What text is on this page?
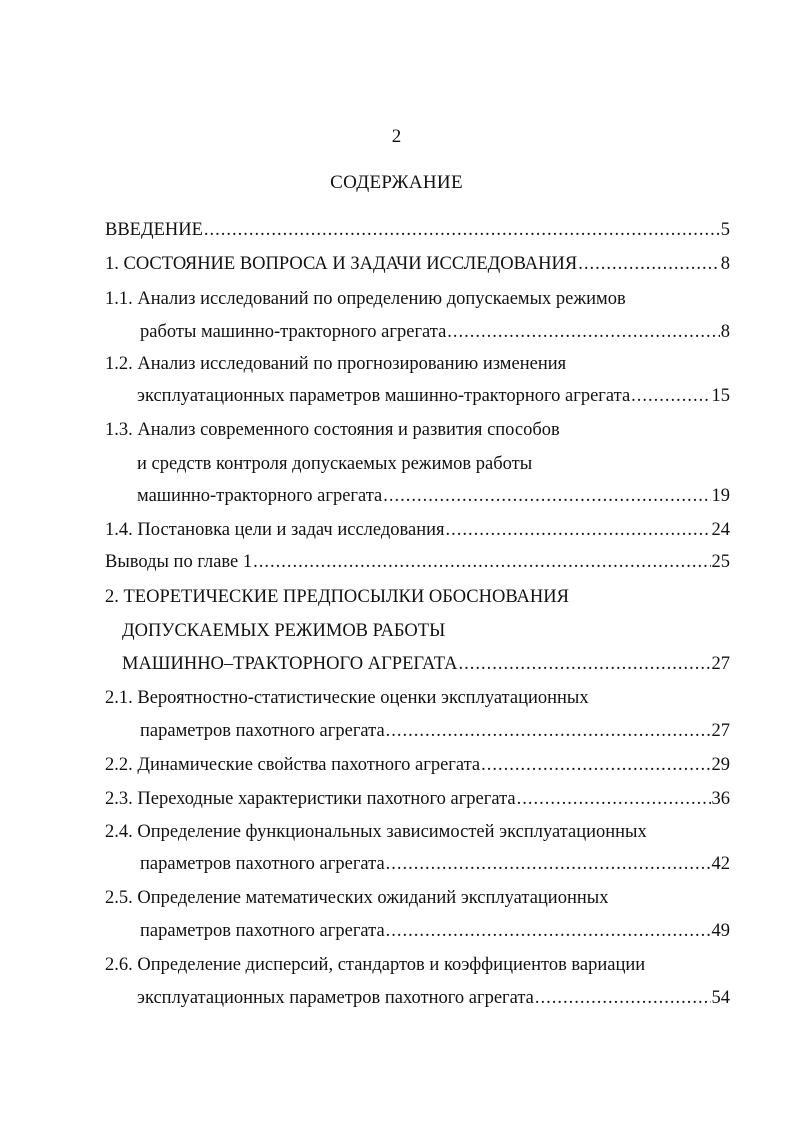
2
СОДЕРЖАНИЕ
ВВЕДЕНИЕ .....	5
1. СОСТОЯНИЕ ВОПРОСА И ЗАДАЧИ ИССЛЕДОВАНИЯ .....	8
1.1. Анализ исследований по определению допускаемых режимов
работы машинно-тракторного агрегата .....	8
1.2. Анализ исследований по прогнозированию изменения
эксплуатационных параметров машинно-тракторного агрегата .....	15
1.3. Анализ современного состояния и развития способов
и средств контроля допускаемых режимов работы
машинно-тракторного агрегата .....	19
1.4. Постановка цели и задач исследования .....	24
Выводы по главе 1 .....	25
2. ТЕОРЕТИЧЕСКИЕ ПРЕДПОСЫЛКИ ОБОСНОВАНИЯ
ДОПУСКАЕМЫХ РЕЖИМОВ РАБОТЫ
МАШИННО–ТРАКТОРНОГО АГРЕГАТА .....	27
2.1. Вероятностно-статистические оценки эксплуатационных
параметров пахотного агрегата .....	27
2.2. Динамические свойства пахотного агрегата .....	29
2.3. Переходные характеристики пахотного агрегата .....	36
2.4. Определение функциональных зависимостей эксплуатационных
параметров пахотного агрегата .....	42
2.5. Определение математических ожиданий эксплуатационных
параметров пахотного агрегата .....	49
2.6. Определение дисперсий, стандартов и коэффициентов вариации
эксплуатационных параметров пахотного агрегата .....	54
